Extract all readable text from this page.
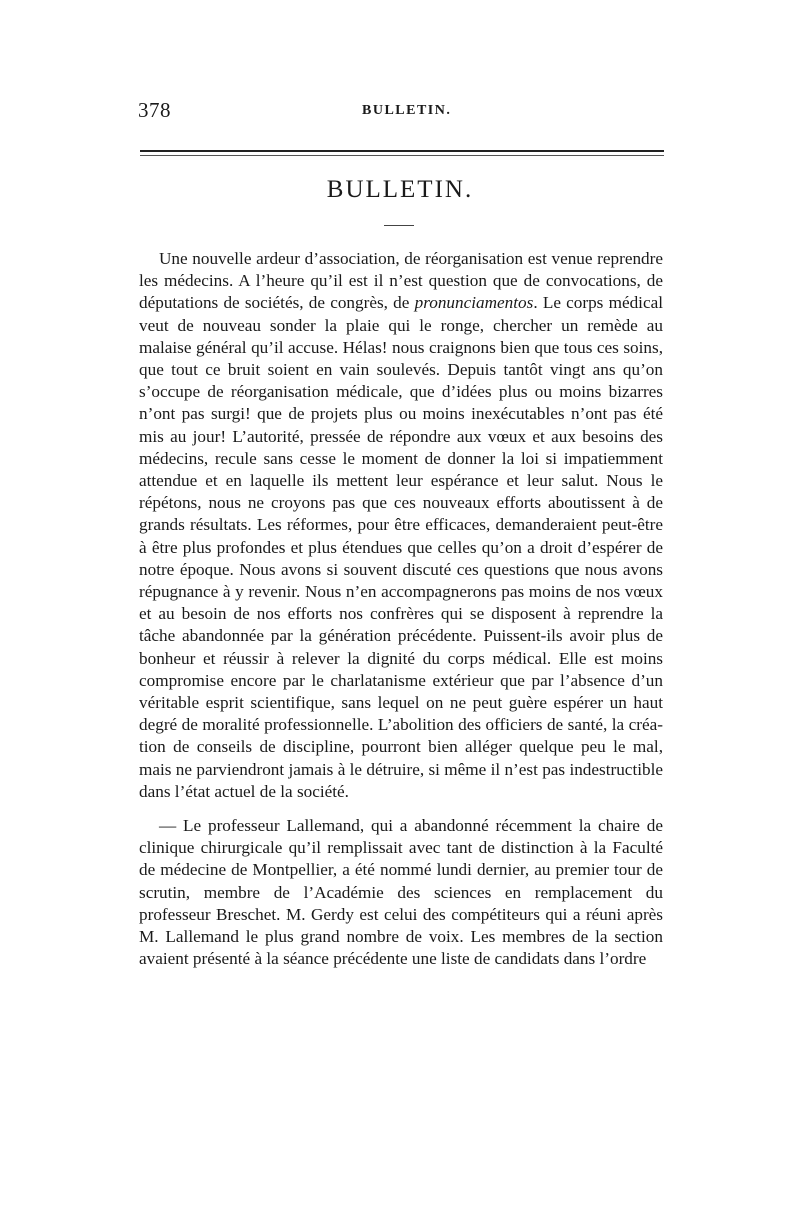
378	BULLETIN.
BULLETIN.

Une nouvelle ardeur d’association, de réorganisation est venue reprendre les médecins. A l’heure qu’il est il n’est question que de convocations, de députations de sociétés, de congrès, de pronunciamentos. Le corps médical veut de nouveau sonder la plaie qui le ronge, chercher un remède au malaise général qu’il accuse. Hélas! nous craignons bien que tous ces soins, que tout ce bruit soient en vain soulevés. Depuis tantôt vingt ans qu’on s’occupe de réorganisation médicale, que d’idées plus ou moins bizarres n’ont pas surgi! que de projets plus ou moins inexécutables n’ont pas été mis au jour! L’autorité, pressée de répondre aux vœux et aux besoins des médecins, recule sans cesse le moment de donner la loi si impatiemment attendue et en laquelle ils mettent leur espérance et leur salut. Nous le répétons, nous ne croyons pas que ces nouveaux efforts aboutissent à de grands résultats. Les réformes, pour être efficaces, demanderaient peut-être à être plus profondes et plus étendues que celles qu’on a droit d’espérer de notre époque. Nous avons si souvent discuté ces questions que nous avons répugnance à y revenir. Nous n’en accompagnerons pas moins de nos vœux et au besoin de nos efforts nos confrères qui se disposent à reprendre la tâche abandonnée par la génération précédente. Puissent-ils avoir plus de bonheur et réussir à relever la dignité du corps médical. Elle est moins compromise encore par le charlatanisme extérieur que par l’absence d’un véritable esprit scientifique, sans lequel on ne peut guère espérer un haut degré de moralité professionnelle. L’abolition des officiers de santé, la création de conseils de discipline, pourront bien alléger quelque peu le mal, mais ne parviendront jamais à le détruire, si même il n’est pas indestructible dans l’état actuel de la société.

— Le professeur Lallemand, qui a abandonné récemment la chaire de clinique chirurgicale qu’il remplissait avec tant de distinction à la Faculté de médecine de Montpellier, a été nommé lundi dernier, au premier tour de scrutin, membre de l’Académie des sciences en remplacement du professeur Breschet. M. Gerdy est celui des compétiteurs qui a réuni après M. Lallemand le plus grand nombre de voix. Les membres de la section avaient présenté à la séance précédente une liste de candidats dans l’ordre
